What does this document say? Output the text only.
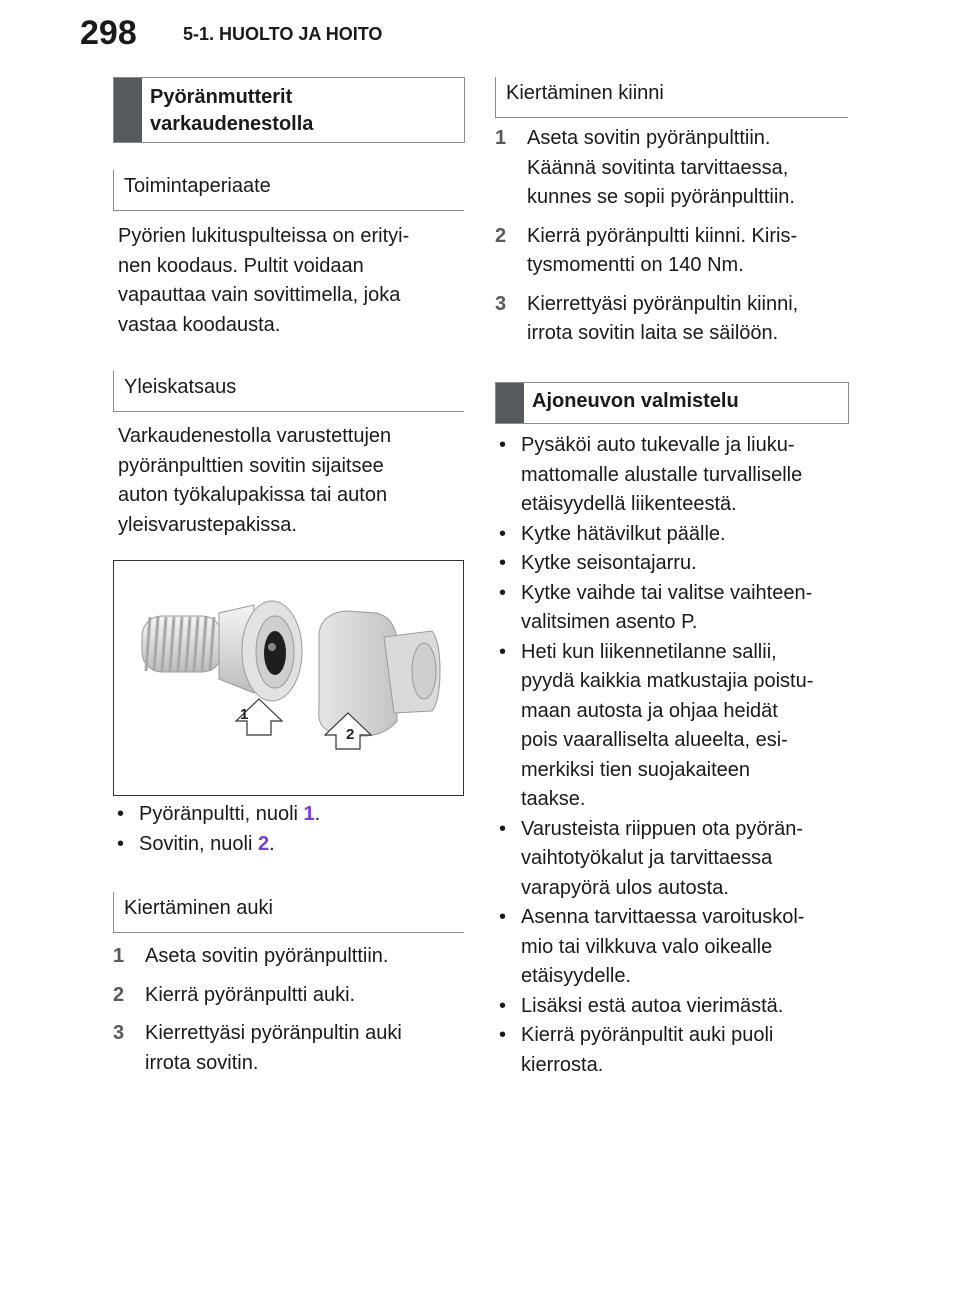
298	5-1. HUOLTO JA HOITO
Pyöränmutterit
varkaudenestolla
Toimintaperiaate

Pyörien lukituspulteissa on erityi-
nen koodaus. Pultit voidaan
vapauttaa vain sovittimella, joka
vastaa koodausta.

Yleiskatsaus

Varkaudenestolla varustettujen
pyöränpulttien sovitin sijaitsee
auton työkalupakissa tai auton
yleisvarustepakissa.

1
2
• Pyöränpultti, nuoli 1.
• Sovitin, nuoli 2.
Kiertäminen auki
1 Aseta sovitin pyöränpulttiin.
2 Kierrä pyöränpultti auki.
3 Kierrettyäsi pyöränpultin auki
irrota sovitin.
Kiertäminen kiinni
1 Aseta sovitin pyöränpulttiin.
Käännä sovitinta tarvittaessa,
kunnes se sopii pyöränpulttiin.
2 Kierrä pyöränpultti kiinni. Kiris-
tysmomentti on 140 Nm.
3 Kierrettyäsi pyöränpultin kiinni,
irrota sovitin laita se säilöön.
Ajoneuvon valmistelu
• Pysäköi auto tukevalle ja liuku-
mattomalle alustalle turvalliselle
etäisyydellä liikenteestä.
• Kytke hätävilkut päälle.
• Kytke seisontajarru.
• Kytke vaihde tai valitse vaihteen-
valitsimen asento P.
• Heti kun liikennetilanne sallii,
pyydä kaikkia matkustajia poistu-
maan autosta ja ohjaa heidät
pois vaaralliselta alueelta, esi-
merkiksi tien suojakaiteen
taakse.
• Varusteista riippuen ota pyörän-
vaihtotyökalut ja tarvittaessa
varapyörä ulos autosta.
• Asenna tarvittaessa varoituskol-
mio tai vilkkuva valo oikealle
etäisyydelle.
• Lisäksi estä autoa vierimästä.
• Kierrä pyöränpultit auki puoli
kierrosta.
